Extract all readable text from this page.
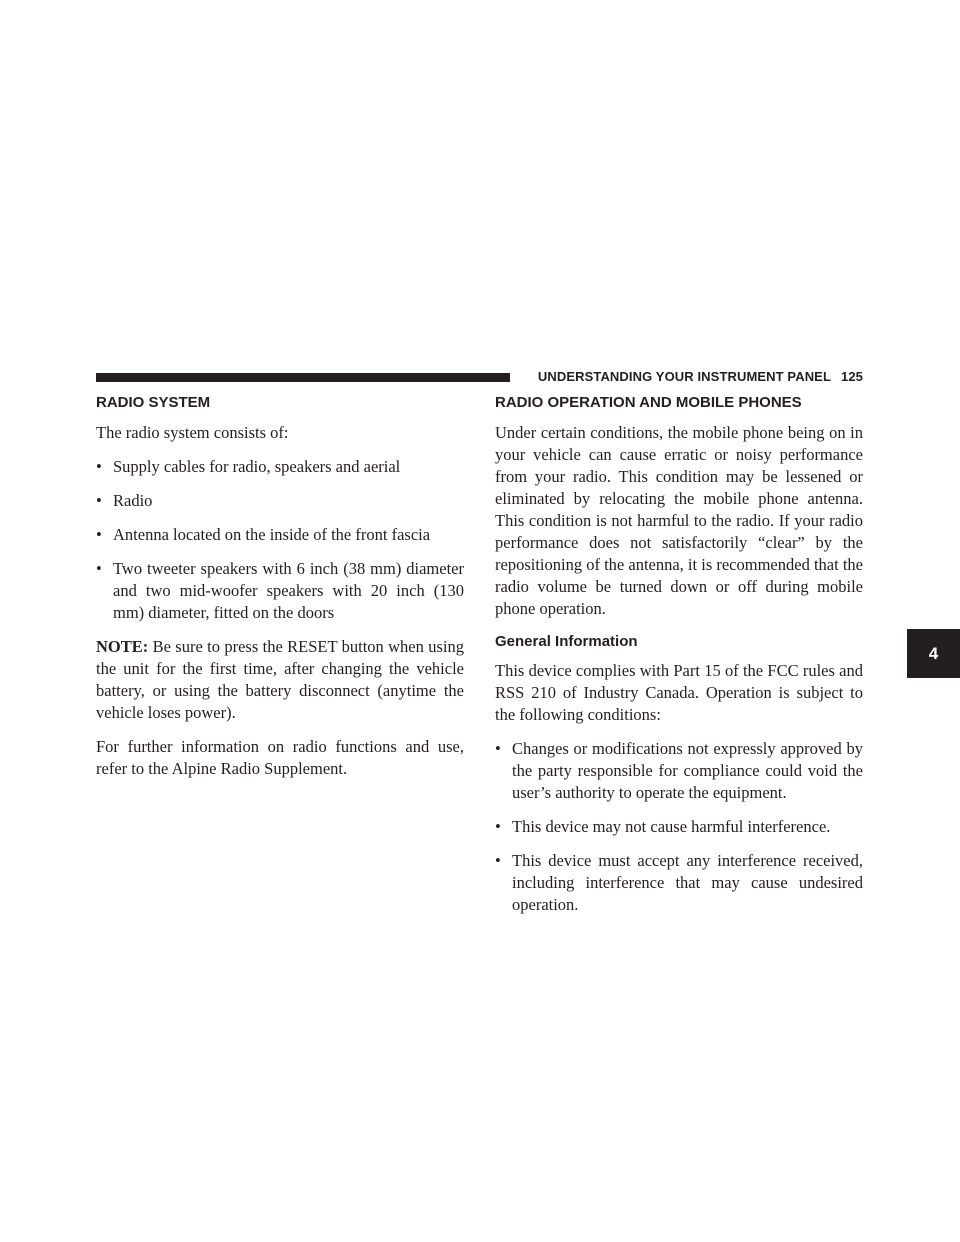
UNDERSTANDING YOUR INSTRUMENT PANEL 125
4
RADIO SYSTEM

The radio system consists of:

• Supply cables for radio, speakers and aerial
• Radio
• Antenna located on the inside of the front fascia
• Two tweeter speakers with 6 inch (38 mm) diameter and two mid-woofer speakers with 20 inch (130 mm) diameter, fitted on the doors

NOTE: Be sure to press the RESET button when using the unit for the first time, after changing the vehicle battery, or using the battery disconnect (anytime the vehicle loses power).

For further information on radio functions and use, refer to the Alpine Radio Supplement.

RADIO OPERATION AND MOBILE PHONES

Under certain conditions, the mobile phone being on in your vehicle can cause erratic or noisy performance from your radio. This condition may be lessened or eliminated by relocating the mobile phone antenna. This condition is not harmful to the radio. If your radio performance does not satisfactorily “clear” by the repositioning of the antenna, it is recommended that the radio volume be turned down or off during mobile phone operation.

General Information

This device complies with Part 15 of the FCC rules and RSS 210 of Industry Canada. Operation is subject to the following conditions:

• Changes or modifications not expressly approved by the party responsible for compliance could void the user’s authority to operate the equipment.
• This device may not cause harmful interference.
• This device must accept any interference received, including interference that may cause undesired operation.
